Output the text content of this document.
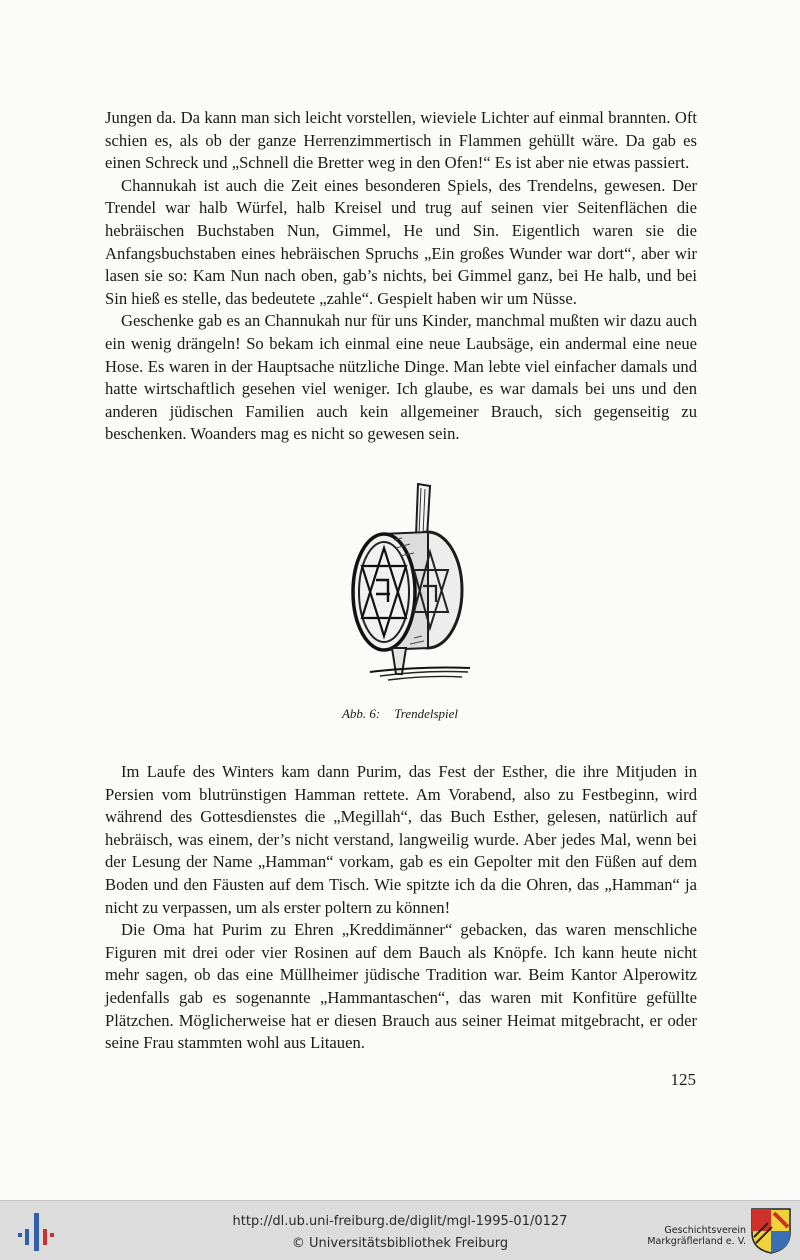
Jungen da. Da kann man sich leicht vorstellen, wieviele Lichter auf einmal brannten. Oft schien es, als ob der ganze Herrenzimmertisch in Flammen gehüllt wäre. Da gab es einen Schreck und „Schnell die Bretter weg in den Ofen!“ Es ist aber nie etwas passiert.

Channukah ist auch die Zeit eines besonderen Spiels, des Trendelns, gewesen. Der Trendel war halb Würfel, halb Kreisel und trug auf seinen vier Seitenflächen die hebräischen Buchstaben Nun, Gimmel, He und Sin. Eigentlich waren sie die Anfangsbuchstaben eines hebräischen Spruchs „Ein großes Wunder war dort“, aber wir lasen sie so: Kam Nun nach oben, gab’s nichts, bei Gimmel ganz, bei He halb, und bei Sin hieß es stelle, das bedeutete „zahle“. Gespielt haben wir um Nüsse.

Geschenke gab es an Channukah nur für uns Kinder, manchmal mußten wir dazu auch ein wenig drängeln! So bekam ich einmal eine neue Laubsäge, ein andermal eine neue Hose. Es waren in der Hauptsache nützliche Dinge. Man lebte viel einfacher damals und hatte wirtschaftlich gesehen viel weniger. Ich glaube, es war damals bei uns und den anderen jüdischen Familien auch kein allgemeiner Brauch, sich gegenseitig zu beschenken. Woanders mag es nicht so gewesen sein.

Abb. 6: Trendelspiel

Im Laufe des Winters kam dann Purim, das Fest der Esther, die ihre Mitjuden in Persien vom blutrünstigen Hamman rettete. Am Vorabend, also zu Festbeginn, wird während des Gottesdienstes die „Megillah“, das Buch Esther, gelesen, natürlich auf hebräisch, was einem, der’s nicht verstand, langweilig wurde. Aber jedes Mal, wenn bei der Lesung der Name „Hamman“ vorkam, gab es ein Gepolter mit den Füßen auf dem Boden und den Fäusten auf dem Tisch. Wie spitzte ich da die Ohren, das „Hamman“ ja nicht zu verpassen, um als erster poltern zu können!

Die Oma hat Purim zu Ehren „Kreddimänner“ gebacken, das waren menschliche Figuren mit drei oder vier Rosinen auf dem Bauch als Knöpfe. Ich kann heute nicht mehr sagen, ob das eine Müllheimer jüdische Tradition war. Beim Kantor Alperowitz jedenfalls gab es sogenannte „Hammantaschen“, das waren mit Konfitüre gefüllte Plätzchen. Möglicherweise hat er diesen Brauch aus seiner Heimat mitgebracht, er oder seine Frau stammten wohl aus Litauen.

125
http://dl.ub.uni-freiburg.de/diglit/mgl-1995-01/0127
© Universitätsbibliothek Freiburg
Geschichtsverein
Markgräflerland e. V.
